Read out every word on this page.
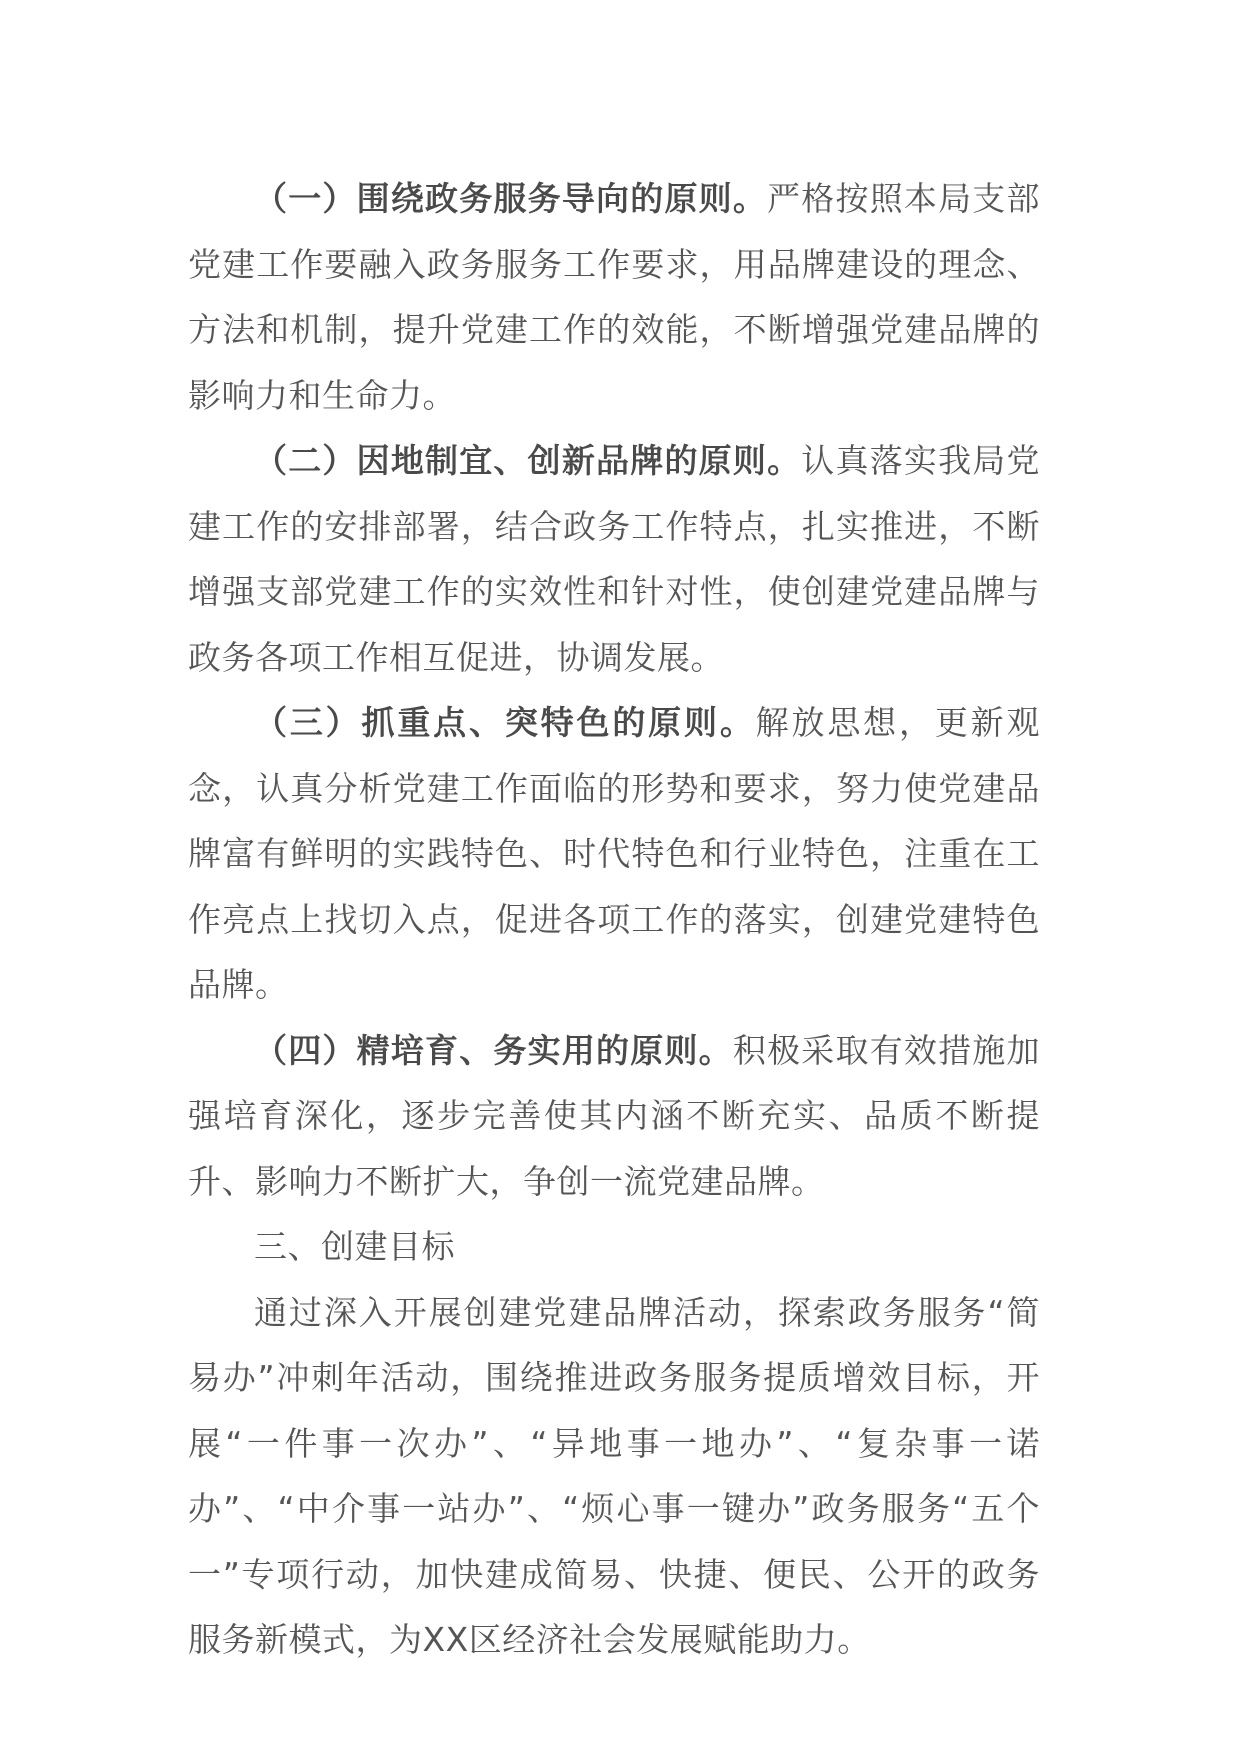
（一）围绕政务服务导向的原则。严格按照本局支部党建工作要融入政务服务工作要求，用品牌建设的理念、方法和机制，提升党建工作的效能，不断增强党建品牌的影响力和生命力。

（二）因地制宜、创新品牌的原则。认真落实我局党建工作的安排部署，结合政务工作特点，扎实推进，不断增强支部党建工作的实效性和针对性，使创建党建品牌与政务各项工作相互促进，协调发展。

（三）抓重点、突特色的原则。解放思想，更新观念，认真分析党建工作面临的形势和要求，努力使党建品牌富有鲜明的实践特色、时代特色和行业特色，注重在工作亮点上找切入点，促进各项工作的落实，创建党建特色品牌。

（四）精培育、务实用的原则。积极采取有效措施加强培育深化，逐步完善使其内涵不断充实、品质不断提升、影响力不断扩大，争创一流党建品牌。

三、创建目标

通过深入开展创建党建品牌活动，探索政务服务“简易办”冲刺年活动，围绕推进政务服务提质增效目标，开展“一件事一次办”、“异地事一地办”、“复杂事一诺办”、“中介事一站办”、“烦心事一键办”政务服务“五个一”专项行动，加快建成简易、快捷、便民、公开的政务服务新模式，为XX区经济社会发展赋能助力。
